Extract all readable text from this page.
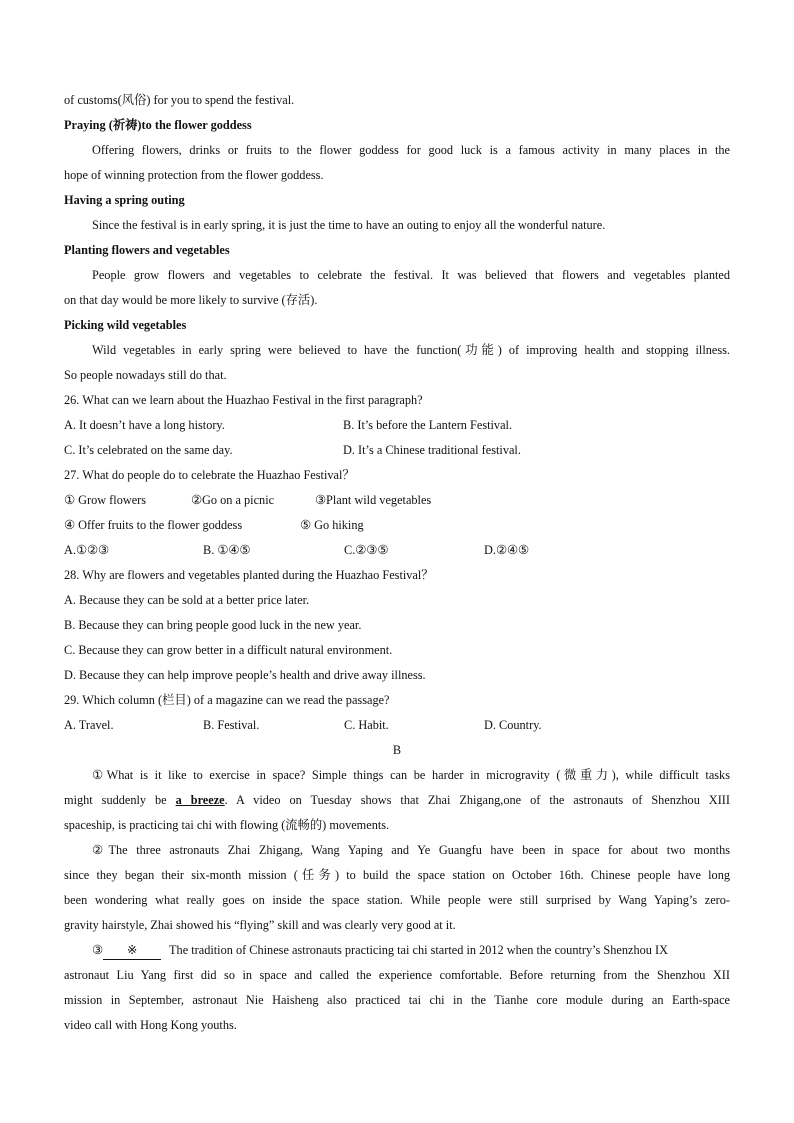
of customs(风俗) for you to spend the festival.
Praying (祈祷)to the flower goddess
Offering flowers, drinks or fruits to the flower goddess for good luck is a famous activity in many places in the
hope of winning protection from the flower goddess.
Having a spring outing
Since the festival is in early spring, it is just the time to have an outing to enjoy all the wonderful nature.
Planting flowers and vegetables
People grow flowers and vegetables to celebrate the festival. It was believed that flowers and vegetables planted
on that day would be more likely to survive (存活).
Picking wild vegetables
Wild vegetables in early spring were believed to have the function(功能) of improving health and stopping illness.
So people nowadays still do that.
26. What can we learn about the Huazhao Festival in the first paragraph?
A. It doesn’t have a long history.	B. It’s before the Lantern Festival.
C. It’s celebrated on the same day.	D. It’s a Chinese traditional festival.
27. What do people do to celebrate the Huazhao Festival？
① Grow flowers	②Go on a picnic	③Plant wild vegetables
④ Offer fruits to the flower goddess	⑤ Go hiking
A.①②③	B. ①④⑤	C.②③⑤	D.②④⑤
28. Why are flowers and vegetables planted during the Huazhao Festival？
A. Because they can be sold at a better price later.
B. Because they can bring people good luck in the new year.
C. Because they can grow better in a difficult natural environment.
D. Because they can help improve people’s health and drive away illness.
29. Which column (栏目) of a magazine can we read the passage?
A. Travel.	B. Festival.	C. Habit.	D. Country.
B
①What is it like to exercise in space? Simple things can be harder in microgravity (微重力), while difficult tasks
might suddenly be a breeze. A video on Tuesday shows that Zhai Zhigang,one of the astronauts of Shenzhou XIII
spaceship, is practicing tai chi with flowing (流畅的) movements.
②The three astronauts Zhai Zhigang, Wang Yaping and Ye Guangfu have been in space for about two months
since they began their six-month mission (任务) to build the space station on October 16th. Chinese people have long
been wondering what really goes on inside the space station. While people were still surprised by Wang Yaping’s zero-
gravity hairstyle, Zhai showed his “flying” skill and was clearly very good at it.
③ ※	The tradition of Chinese astronauts practicing tai chi started in 2012 when the country’s Shenzhou IX
astronaut Liu Yang first did so in space and called the experience comfortable. Before returning from the Shenzhou XII
mission in September, astronaut Nie Haisheng also practiced tai chi in the Tianhe core module during an Earth-space
video call with Hong Kong youths.
